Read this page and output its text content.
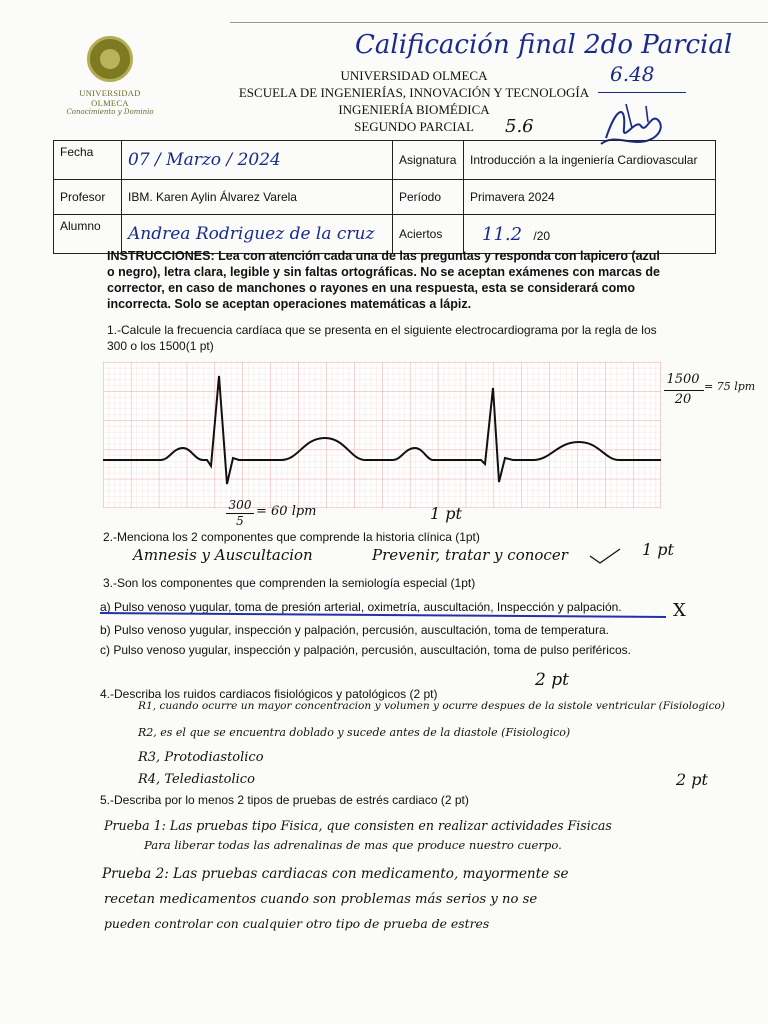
Calificación final 2do Parcial
6.48
5.6
UNIVERSIDAD OLMECA
Conocimiento y Dominio
UNIVERSIDAD OLMECA
ESCUELA DE INGENIERÍAS, INNOVACIÓN Y TECNOLOGÍA
INGENIERÍA BIOMÉDICA
SEGUNDO PARCIAL
Fecha	07 / Marzo / 2024	Asignatura	Introducción a la ingeniería Cardiovascular
Profesor	IBM. Karen Aylin Álvarez Varela	Período	Primavera 2024
Alumno	Andrea Rodriguez de la cruz	Aciertos	11.2 /20
INSTRUCCIONES: Lea con atención cada una de las preguntas y responda con lapicero (azul o negro), letra clara, legible y sin faltas ortográficas. No se aceptan exámenes con marcas de corrector, en caso de manchones o rayones en una respuesta, esta se considerará como incorrecta. Solo se aceptan operaciones matemáticas a lápiz.
1.-Calcule la frecuencia cardíaca que se presenta en el siguiente electrocardiograma por la regla de los 300 o los 1500(1 pt)
1500
20
= 75 lpm
300
5
= 60 lpm	1 pt
2.-Menciona los 2 componentes que comprende la historia clínica (1pt)
Amnesis y Auscultacion	Prevenir, tratar y conocer	1 pt
3.-Son los componentes que comprenden la semiología especial (1pt)
a) Pulso venoso yugular, toma de presión arterial, oximetría, auscultación, Inspección y palpación.	X
b) Pulso venoso yugular, inspección y palpación, percusión, auscultación, toma de temperatura.
c) Pulso venoso yugular, inspección y palpación, percusión, auscultación, toma de pulso periféricos.
4.-Describa los ruidos cardiacos fisiológicos y patológicos (2 pt)
2 pt
R1, cuando ocurre un mayor concentracion y volumen y ocurre despues de la sistole ventricular (Fisiologico)
R2, es el que se encuentra doblado y sucede antes de la diastole (Fisiologico)
R3, Protodiastolico
R4, Telediastolico
5.-Describa por lo menos 2 tipos de pruebas de estrés cardiaco (2 pt)
2 pt
Prueba 1: Las pruebas tipo Fisica, que consisten en realizar actividades Fisicas
Para liberar todas las adrenalinas de mas que produce nuestro cuerpo.
Prueba 2: Las pruebas cardiacas con medicamento, mayormente se
recetan medicamentos cuando son problemas más serios y no se
pueden controlar con cualquier otro tipo de prueba de estres
